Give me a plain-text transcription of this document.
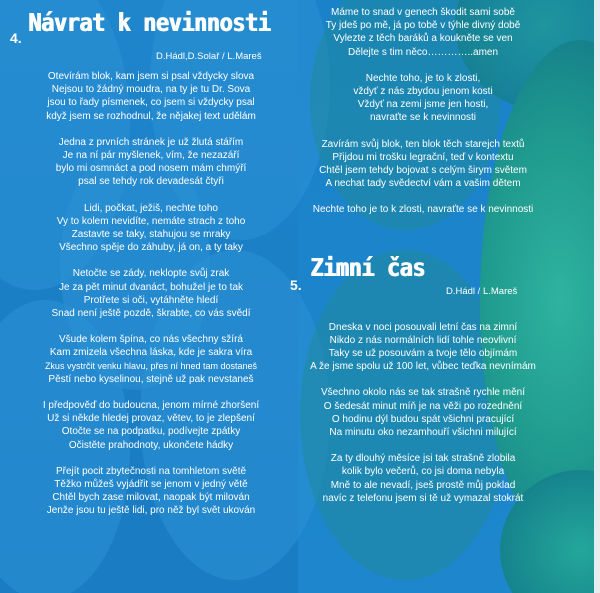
4.
Návrat k nevinnosti
D.Hádl,D.Solař / L.Mareš
Otevírám blok, kam jsem si psal vždycky slova
Nejsou to žádný moudra, na ty je tu Dr. Sova
jsou to řady písmenek, co jsem si vždycky psal
když jsem se rozhodnul, že nějakej text udělám
Jedna z prvních stránek je už žlutá stářím
Je na ní pár myšlenek, vím, že nezazáří
bylo mi osmnáct a pod nosem mám chmýří
psal se tehdy rok devadesát čtyři
Lidi, počkat, ježiš, nechte toho
Vy to kolem nevidíte, nemáte strach z toho
Zastavte se taky, stahujou se mraky
Všechno spěje do záhuby, já on, a ty taky
Netočte se zády, neklopte svůj zrak
Je za pět minut dvanáct, bohužel je to tak
Protřete si oči, vytáhněte hledí
Snad není ještě pozdě, škrabte, co vás svědí
Všude kolem špína, co nás všechny sžírá
Kam zmizela všechna láska, kde je sakra víra
Zkus vystrčit venku hlavu, přes ní hned tam dostaneš
Pěstí nebo kyselinou, stejně už pak nevstaneš
I předpověď do budoucna, jenom mírné zhoršení
Už si někde hledej provaz, větev, to je zlepšení
Otočte se na podpatku, podívejte zpátky
Očistěte prahodnoty, ukončete hádky
Přejít pocit zbytečnosti na tomhletom světě
Těžko můžeš vyjádřit se jenom v jedný větě
Chtěl bych zase milovat, naopak být milován
Jenže jsou tu ještě lidi, pro něž byl svět ukován
Máme to snad v genech škodit sami sobě
Ty jdeš po mě, já po tobě v týhle divný době
Vylezte z těch baráků a koukněte se ven
Dělejte s tim něco…………..amen
Nechte toho, je to k zlosti,
vždyť z nás zbydou jenom kosti
Vždyť na zemi jsme jen hosti,
navraťte se k nevinnosti
Zavírám svůj blok, ten blok těch starejch textů
Přijdou mi trošku legrační, teď v kontextu
Chtěl jsem tehdy bojovat s celým širym světem
A nechat tady svědectví vám a vašim dětem
Nechte toho je to k zlosti, navraťte se k nevinnosti
5.
Zimní čas
D.Hádl / L.Mareš
Dneska v noci posouvali letní čas na zimní
Nikdo z nás normálních lidí tohle neovlivní
Taky se už posouvám a tvoje tělo objímám
A že jsme spolu už 100 let, vůbec teďka nevnímám
Všechno okolo nás se tak strašně rychle mění
O šedesát minut míň je na věži po rozednění
O hodinu dýl budou spát všichni pracující
Na minutu oko nezamhouří všichni milující
Za ty dlouhý měsíce jsi tak strašně zlobila
kolik bylo večerů, co jsi doma nebyla
Mně to ale nevadí, jseš prostě můj poklad
navíc z telefonu jsem si tě už vymazal stokrát
